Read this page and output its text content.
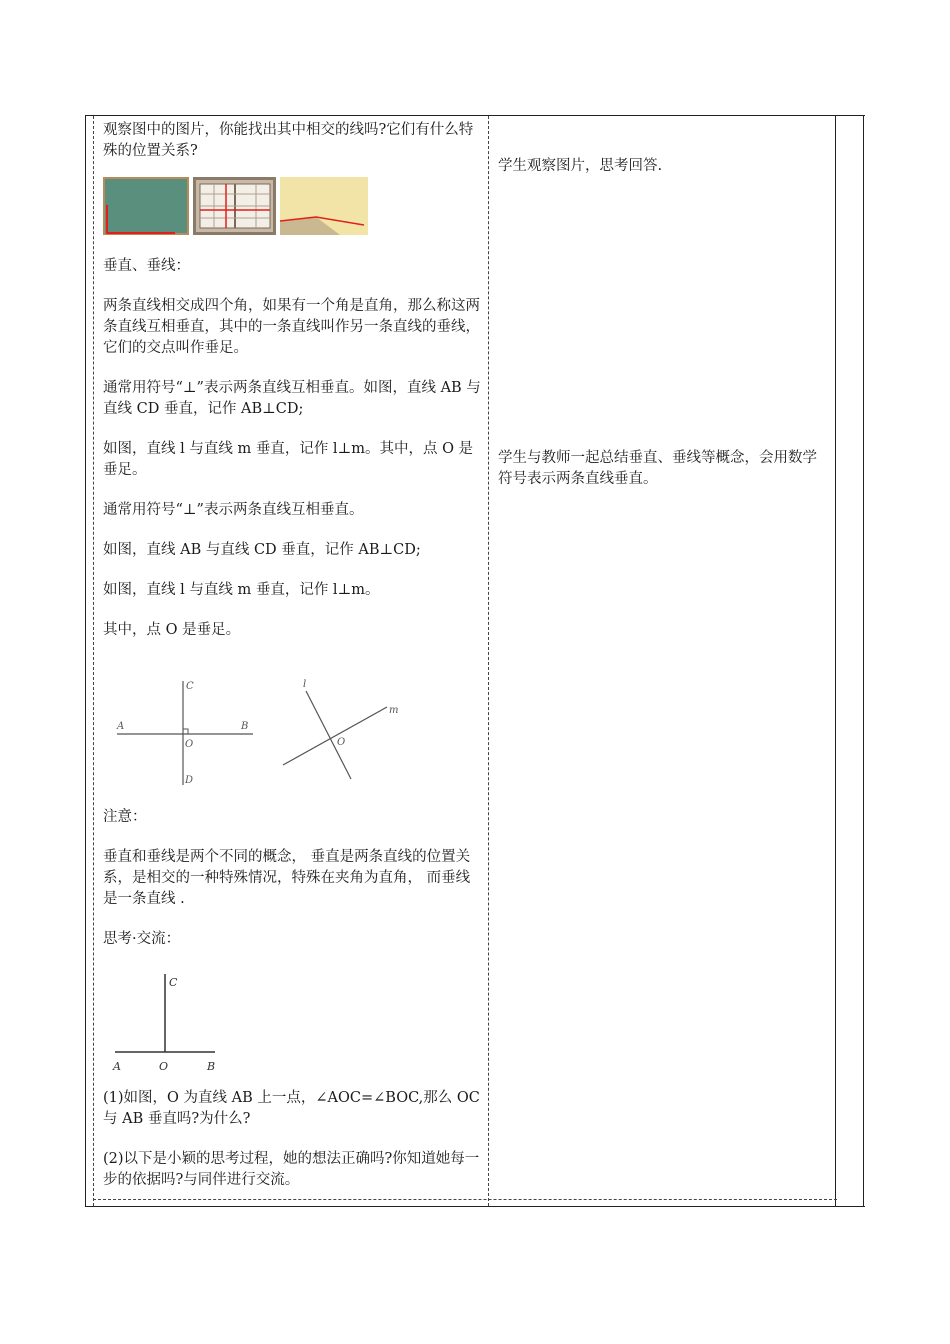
观察图中的图片，你能找出其中相交的线吗?它们有什么特殊的位置关系?

垂直、垂线：

两条直线相交成四个角，如果有一个角是直角，那么称这两条直线互相垂直，其中的一条直线叫作另一条直线的垂线，它们的交点叫作垂足。

通常用符号“⊥”表示两条直线互相垂直。如图，直线 AB 与直线 CD 垂直，记作 AB⊥CD;

如图，直线 l 与直线 m 垂直，记作 l⊥m。其中，点 O 是垂足。

通常用符号“⊥”表示两条直线互相垂直。

如图，直线 AB 与直线 CD 垂直，记作 AB⊥CD;

如图，直线 l 与直线 m 垂直，记作 l⊥m。

其中，点 O 是垂足。

A	B
C
D
O
l
m
O

注意：

垂直和垂线是两个不同的概念， 垂直是两条直线的位置关系，是相交的一种特殊情况，特殊在夹角为直角， 而垂线是一条直线 .

思考·交流：

C
A	O	B

(1)如图，O 为直线 AB 上一点，∠AOC=∠BOC,那么 OC 与 AB 垂直吗?为什么?

(2)以下是小颖的思考过程，她的想法正确吗?你知道她每一步的依据吗?与同伴进行交流。

学生观察图片，思考回答.
学生与教师一起总结垂直、垂线等概念，会用数学符号表示两条直线垂直。
